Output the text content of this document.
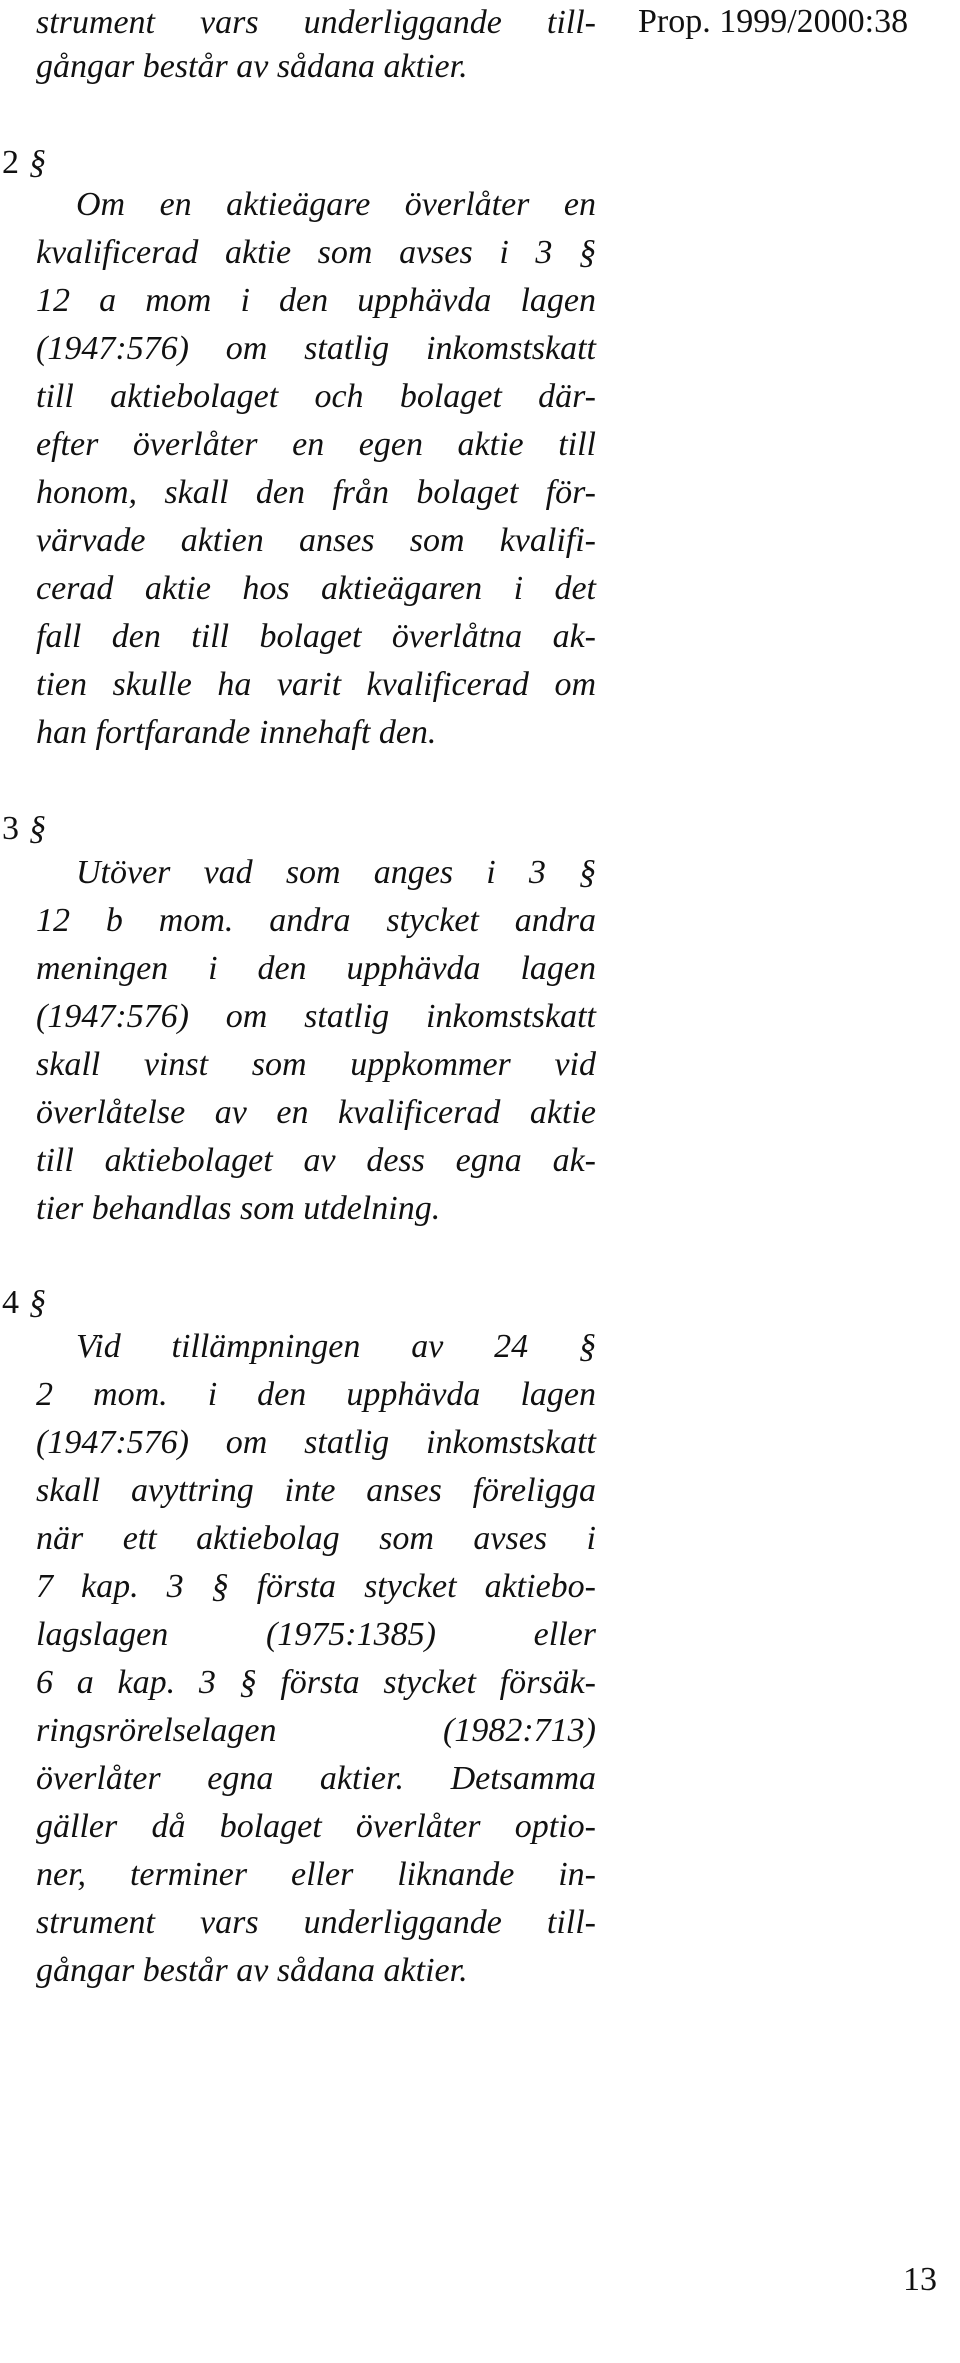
Prop. 1999/2000:38
strument vars underliggande till-
gångar består av sådana aktier.
2 §
Om en aktieägare överlåter en
kvalificerad aktie som avses i 3 §
12 a mom i den upphävda lagen
(1947:576) om statlig inkomstskatt
till aktiebolaget och bolaget där-
efter överlåter en egen aktie till
honom, skall den från bolaget för-
värvade aktien anses som kvalifi-
cerad aktie hos aktieägaren i det
fall den till bolaget överlåtna ak-
tien skulle ha varit kvalificerad om
han fortfarande innehaft den.
3 §
Utöver vad som anges i 3 §
12 b mom. andra stycket andra
meningen i den upphävda lagen
(1947:576) om statlig inkomstskatt
skall vinst som uppkommer vid
överlåtelse av en kvalificerad aktie
till aktiebolaget av dess egna ak-
tier behandlas som utdelning.
4 §
Vid tillämpningen av 24 §
2 mom. i den upphävda lagen
(1947:576) om statlig inkomstskatt
skall avyttring inte anses föreligga
när ett aktiebolag som avses i
7 kap. 3 § första stycket aktiebo-
lagslagen (1975:1385) eller
6 a kap. 3 § första stycket försäk-
ringsrörelselagen (1982:713)
överlåter egna aktier. Detsamma
gäller då bolaget överlåter optio-
ner, terminer eller liknande in-
strument vars underliggande till-
gångar består av sådana aktier.
13
